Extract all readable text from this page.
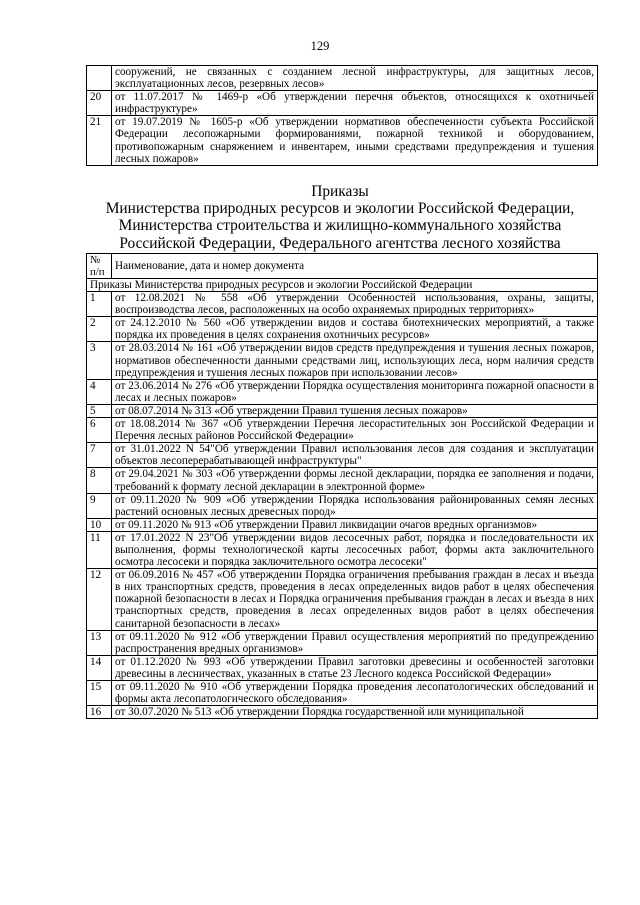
129
	сооружений, не связанных с созданием лесной инфраструктуры, для защитных лесов, эксплуатационных лесов, резервных лесов»
20	от 11.07.2017 № 1469-р «Об утверждении перечня объектов, относящихся к охотничьей инфраструктуре»
21	от 19.07.2019 № 1605-р «Об утверждении нормативов обеспеченности субъекта Российской Федерации лесопожарными формированиями, пожарной техникой и оборудованием, противопожарным снаряжением и инвентарем, иными средствами предупреждения и тушения лесных пожаров»
Приказы
Министерства природных ресурсов и экологии Российской Федерации,
Министерства строительства и жилищно-коммунального хозяйства
Российской Федерации, Федерального агентства лесного хозяйства
№ п/п	Наименование, дата и номер документа
Приказы Министерства природных ресурсов и экологии Российской Федерации	
1	от 12.08.2021 № 558 «Об утверждении Особенностей использования, охраны, защиты, воспроизводства лесов, расположенных на особо охраняемых природных территориях»
2	от 24.12.2010 № 560 «Об утверждении видов и состава биотехнических мероприятий, а также порядка их проведения в целях сохранения охотничьих ресурсов»
3	от 28.03.2014 № 161 «Об утверждении видов средств предупреждения и тушения лесных пожаров, нормативов обеспеченности данными средствами лиц, использующих леса, норм наличия средств предупреждения и тушения лесных пожаров при использовании лесов»
4	от 23.06.2014 № 276 «Об утверждении Порядка осуществления мониторинга пожарной опасности в лесах и лесных пожаров»
5	от 08.07.2014 № 313 «Об утверждении Правил тушения лесных пожаров»
6	от 18.08.2014 № 367 «Об утверждении Перечня лесорастительных зон Российской Федерации и Перечня лесных районов Российской Федерации»
7	от 31.01.2022 N 54"Об утверждении Правил использования лесов для создания и эксплуатации объектов лесоперерабатывающей инфраструктуры"
8	от 29.04.2021 № 303 «Об утверждении формы лесной декларации, порядка ее заполнения и подачи, требований к формату лесной декларации в электронной форме»
9	от 09.11.2020 № 909 «Об утверждении Порядка использования районированных семян лесных растений основных лесных древесных пород»
10	от 09.11.2020 № 913 «Об утверждении Правил ликвидации очагов вредных организмов»
11	от 17.01.2022 N 23"Об утверждении видов лесосечных работ, порядка и последовательности их выполнения, формы технологической карты лесосечных работ, формы акта заключительного осмотра лесосеки и порядка заключительного осмотра лесосеки"
12	от 06.09.2016 № 457 «Об утверждении Порядка ограничения пребывания граждан в лесах и въезда в них транспортных средств, проведения в лесах определенных видов работ в целях обеспечения пожарной безопасности в лесах и Порядка ограничения пребывания граждан в лесах и въезда в них транспортных средств, проведения в лесах определенных видов работ в целях обеспечения санитарной безопасности в лесах»
13	от 09.11.2020 № 912 «Об утверждении Правил осуществления мероприятий по предупреждению распространения вредных организмов»
14	от 01.12.2020 № 993 «Об утверждении Правил заготовки древесины и особенностей заготовки древесины в лесничествах, указанных в статье 23 Лесного кодекса Российской Федерации»
15	от 09.11.2020 № 910 «Об утверждении Порядка проведения лесопатологических обследований и формы акта лесопатологического обследования»
16	от 30.07.2020 № 513 «Об утверждении Порядка государственной или муниципальной
